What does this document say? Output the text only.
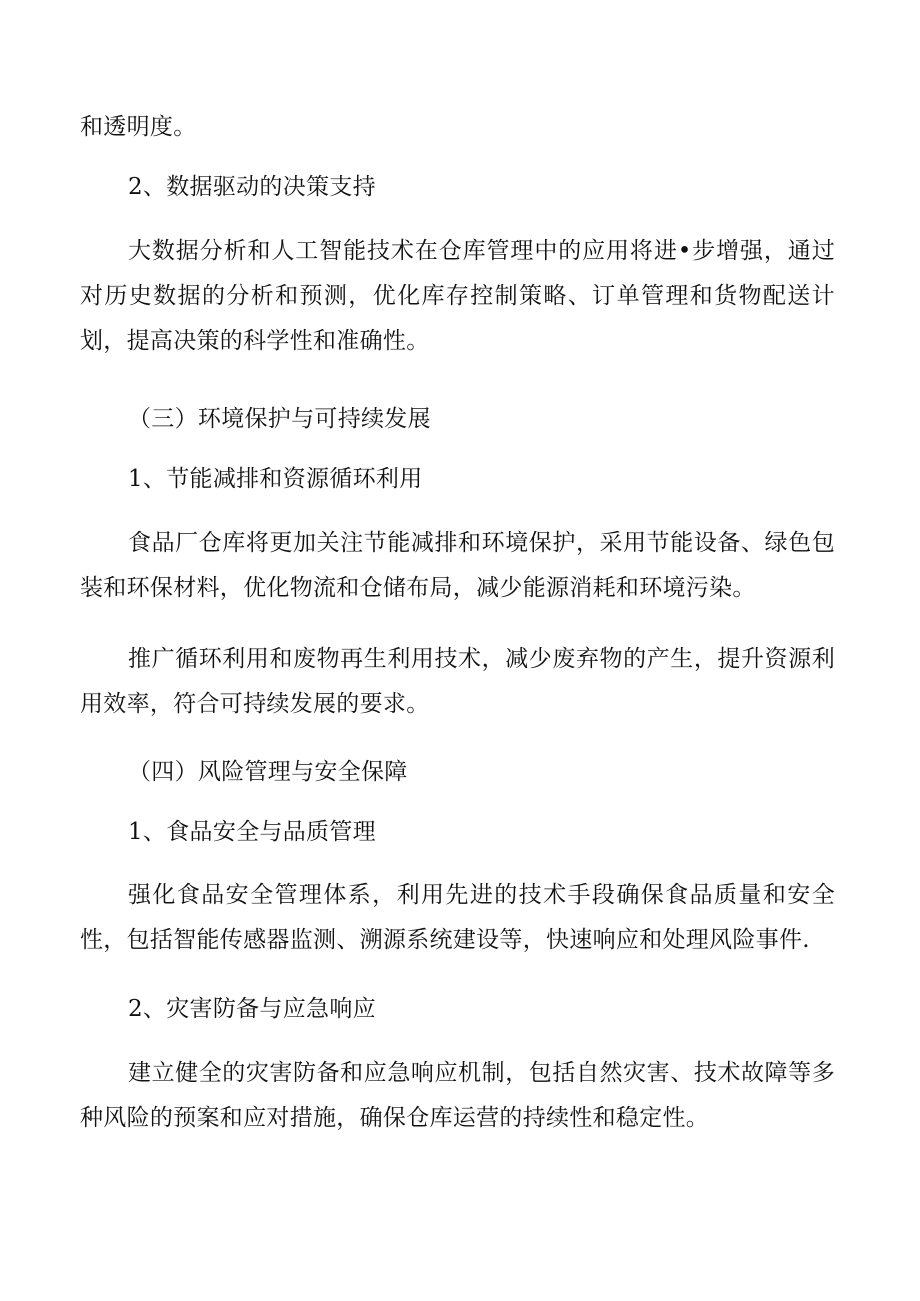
和透明度。
2、数据驱动的决策支持
大数据分析和人工智能技术在仓库管理中的应用将进•步增强，通过对历史数据的分析和预测，优化库存控制策略、订单管理和货物配送计划，提高决策的科学性和准确性。
（三）环境保护与可持续发展
1、节能减排和资源循环利用
食品厂仓库将更加关注节能减排和环境保护，采用节能设备、绿色包装和环保材料，优化物流和仓储布局，减少能源消耗和环境污染。
推广循环利用和废物再生利用技术，减少废弃物的产生，提升资源利用效率，符合可持续发展的要求。
（四）风险管理与安全保障
1、食品安全与品质管理
强化食品安全管理体系，利用先进的技术手段确保食品质量和安全性，包括智能传感器监测、溯源系统建设等，快速响应和处理风险事件.
2、灾害防备与应急响应
建立健全的灾害防备和应急响应机制，包括自然灾害、技术故障等多种风险的预案和应对措施，确保仓库运营的持续性和稳定性。
